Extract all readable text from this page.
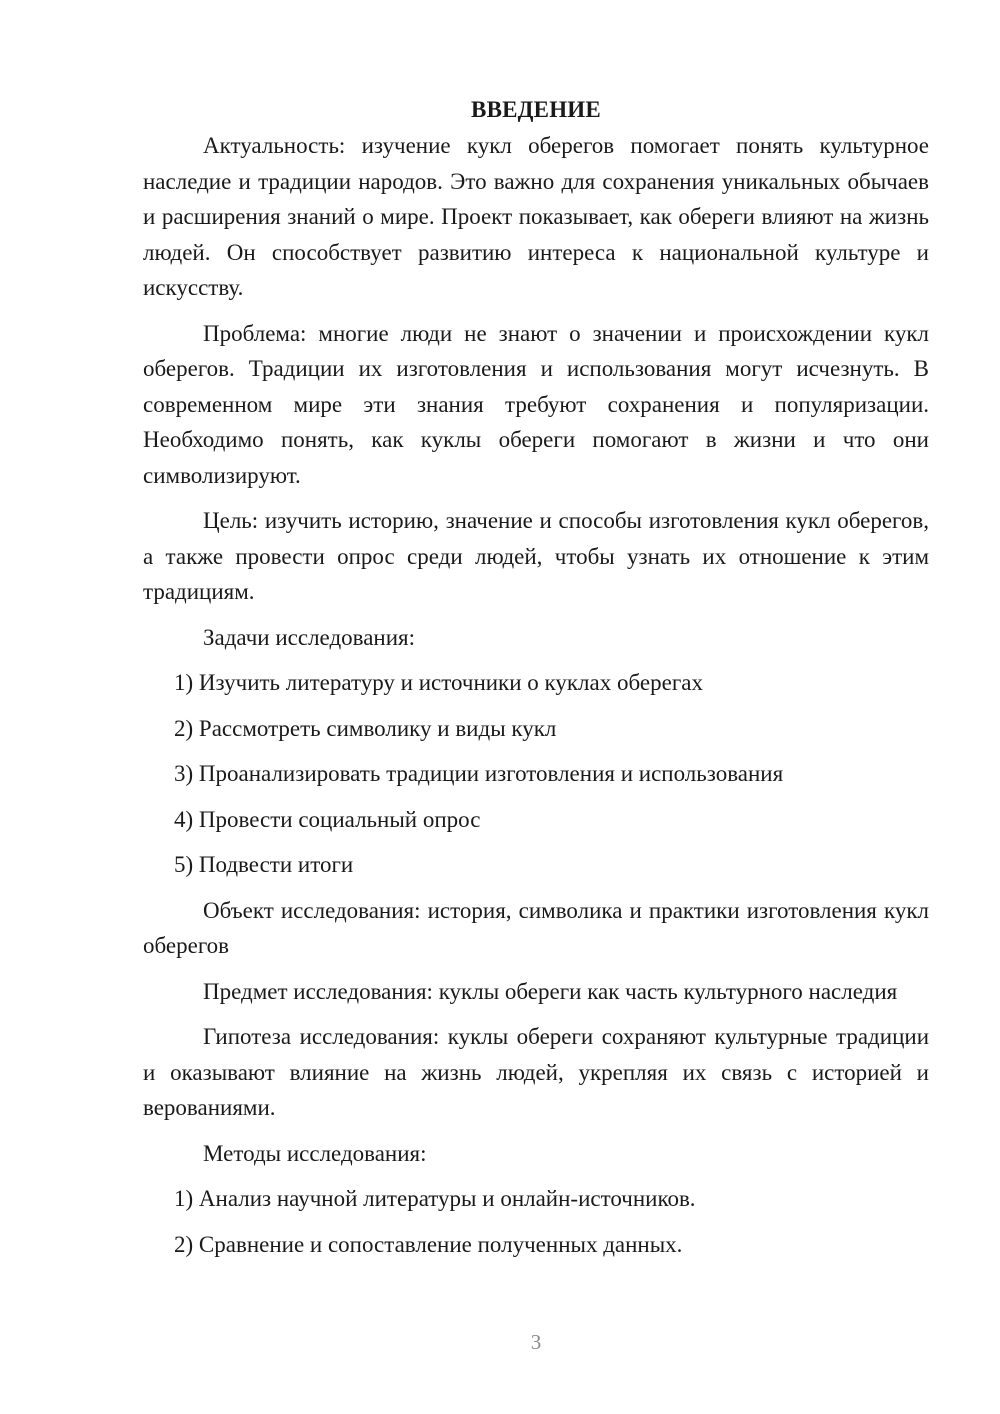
ВВЕДЕНИЕ

Актуальность: изучение кукл оберегов помогает понять культурное наследие и традиции народов. Это важно для сохранения уникальных обычаев и расширения знаний о мире. Проект показывает, как обереги влияют на жизнь людей. Он способствует развитию интереса к национальной культуре и искусству.

Проблема: многие люди не знают о значении и происхождении кукл оберегов. Традиции их изготовления и использования могут исчезнуть. В современном мире эти знания требуют сохранения и популяризации. Необходимо понять, как куклы обереги помогают в жизни и что они символизируют.

Цель: изучить историю, значение и способы изготовления кукл оберегов, а также провести опрос среди людей, чтобы узнать их отношение к этим традициям.

Задачи исследования:

1) Изучить литературу и источники о куклах оберегах

2) Рассмотреть символику и виды кукл

3) Проанализировать традиции изготовления и использования

4) Провести социальный опрос

5) Подвести итоги

Объект исследования: история, символика и практики изготовления кукл оберегов

Предмет исследования: куклы обереги как часть культурного наследия

Гипотеза исследования: куклы обереги сохраняют культурные традиции и оказывают влияние на жизнь людей, укрепляя их связь с историей и верованиями.

Методы исследования:

1) Анализ научной литературы и онлайн-источников.

2) Сравнение и сопоставление полученных данных.

3
